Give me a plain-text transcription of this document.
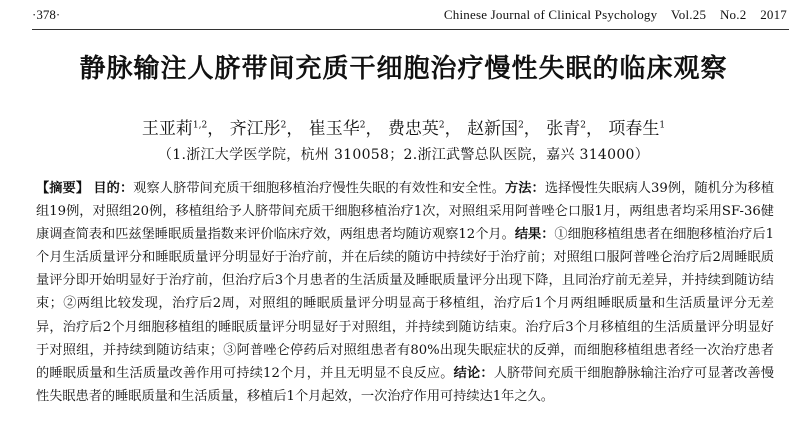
·378·	Chinese Journal of Clinical Psychology    Vol.25    No.2    2017
静脉输注人脐带间充质干细胞治疗慢性失眠的临床观察
王亚莉$^{1,2}$， 齐江彤$^2$， 崔玉华$^2$， 费忠英$^2$， 赵新国$^2$， 张青$^2$， 项春生$^1$
（1.浙江大学医学院，杭州 310058；2.浙江武警总队医院，嘉兴 314000）
【摘要】 目的：观察人脐带间充质干细胞移植治疗慢性失眠的有效性和安全性。方法：选择慢性失眠病人39例，随机分为移植组19例，对照组20例，移植组给予人脐带间充质干细胞移植治疗1次，对照组采用阿普唑仑口服1月，两组患者均采用SF-36健康调查简表和匹兹堡睡眠质量指数来评价临床疗效，两组患者均随访观察12个月。结果：①细胞移植组患者在细胞移植治疗后1个月生活质量评分和睡眠质量评分明显好于治疗前，并在后续的随访中持续好于治疗前；对照组口服阿普唑仑治疗后2周睡眠质量评分即开始明显好于治疗前，但治疗后3个月患者的生活质量及睡眠质量评分出现下降，且同治疗前无差异，并持续到随访结束；②两组比较发现，治疗后2周，对照组的睡眠质量评分明显高于移植组，治疗后1个月两组睡眠质量和生活质量评分无差异，治疗后2个月细胞移植组的睡眠质量评分明显好于对照组，并持续到随访结束。治疗后3个月移植组的生活质量评分明显好于对照组，并持续到随访结束；③阿普唑仑停药后对照组患者有80%出现失眠症状的反弹，而细胞移植组患者经一次治疗患者的睡眠质量和生活质量改善作用可持续12个月，并且无明显不良反应。结论：人脐带间充质干细胞静脉输注治疗可显著改善慢性失眠患者的睡眠质量和生活质量，移植后1个月起效，一次治疗作用可持续达1年之久。
